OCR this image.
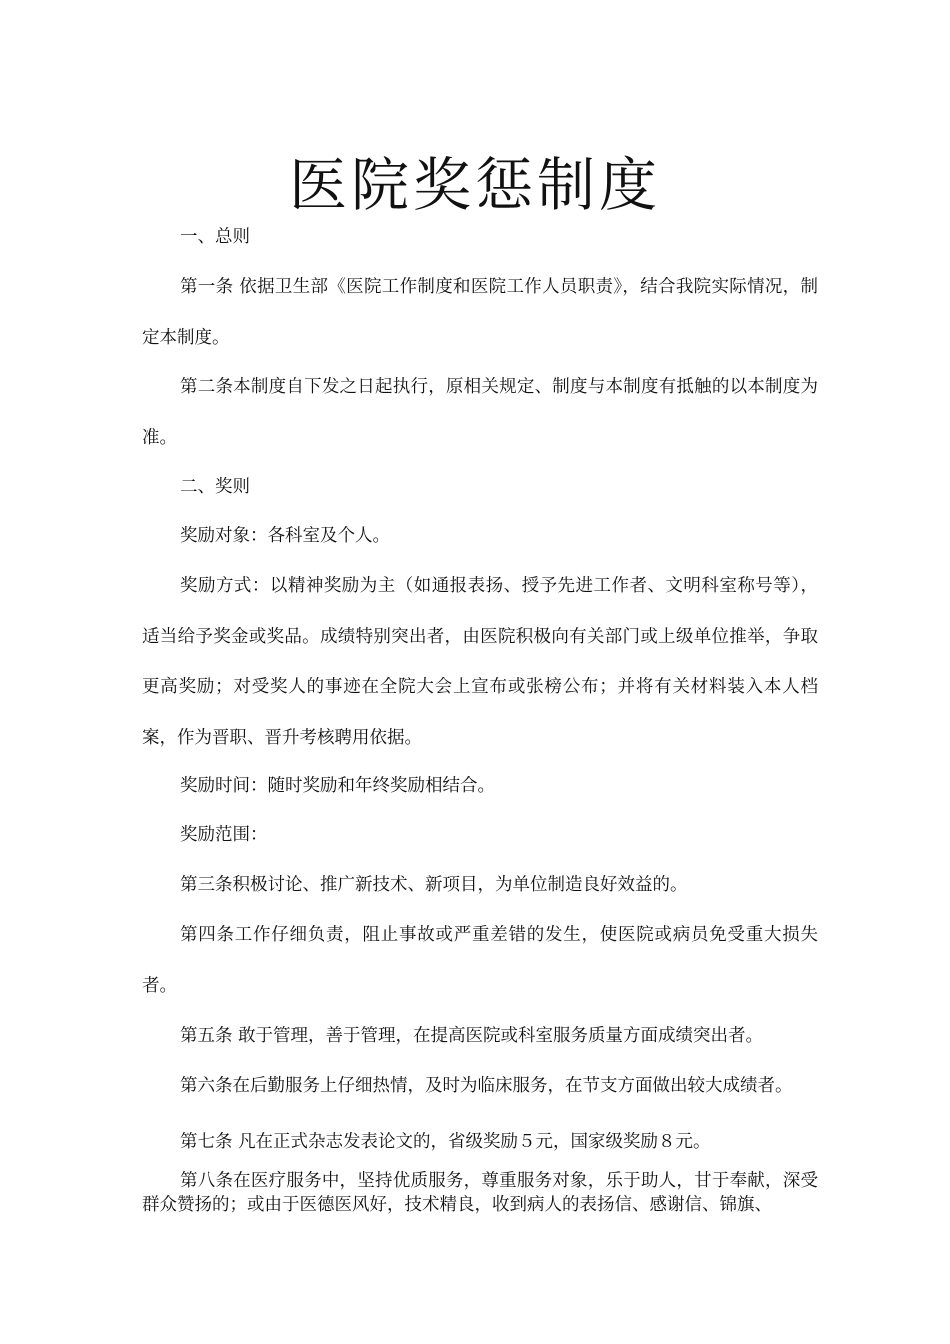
医院奖惩制度

一、总则

第一条 依据卫生部《医院工作制度和医院工作人员职责》，结合我院实际情况，制定本制度。

第二条本制度自下发之日起执行，原相关规定、制度与本制度有抵触的以本制度为准。

二、奖则

奖励对象：各科室及个人。

奖励方式：以精神奖励为主（如通报表扬、授予先进工作者、文明科室称号等），适当给予奖金或奖品。成绩特别突出者，由医院积极向有关部门或上级单位推举，争取更高奖励；对受奖人的事迹在全院大会上宣布或张榜公布；并将有关材料装入本人档案，作为晋职、晋升考核聘用依据。

奖励时间：随时奖励和年终奖励相结合。

奖励范围：

第三条积极讨论、推广新技术、新项目，为单位制造良好效益的。

第四条工作仔细负责，阻止事故或严重差错的发生，使医院或病员免受重大损失者。

第五条 敢于管理，善于管理，在提高医院或科室服务质量方面成绩突出者。

第六条在后勤服务上仔细热情，及时为临床服务，在节支方面做出较大成绩者。

第七条 凡在正式杂志发表论文的，省级奖励５元，国家级奖励８元。

第八条在医疗服务中，坚持优质服务，尊重服务对象，乐于助人，甘于奉献，深受群众赞扬的；或由于医德医风好，技术精良，收到病人的表扬信、感谢信、锦旗、
